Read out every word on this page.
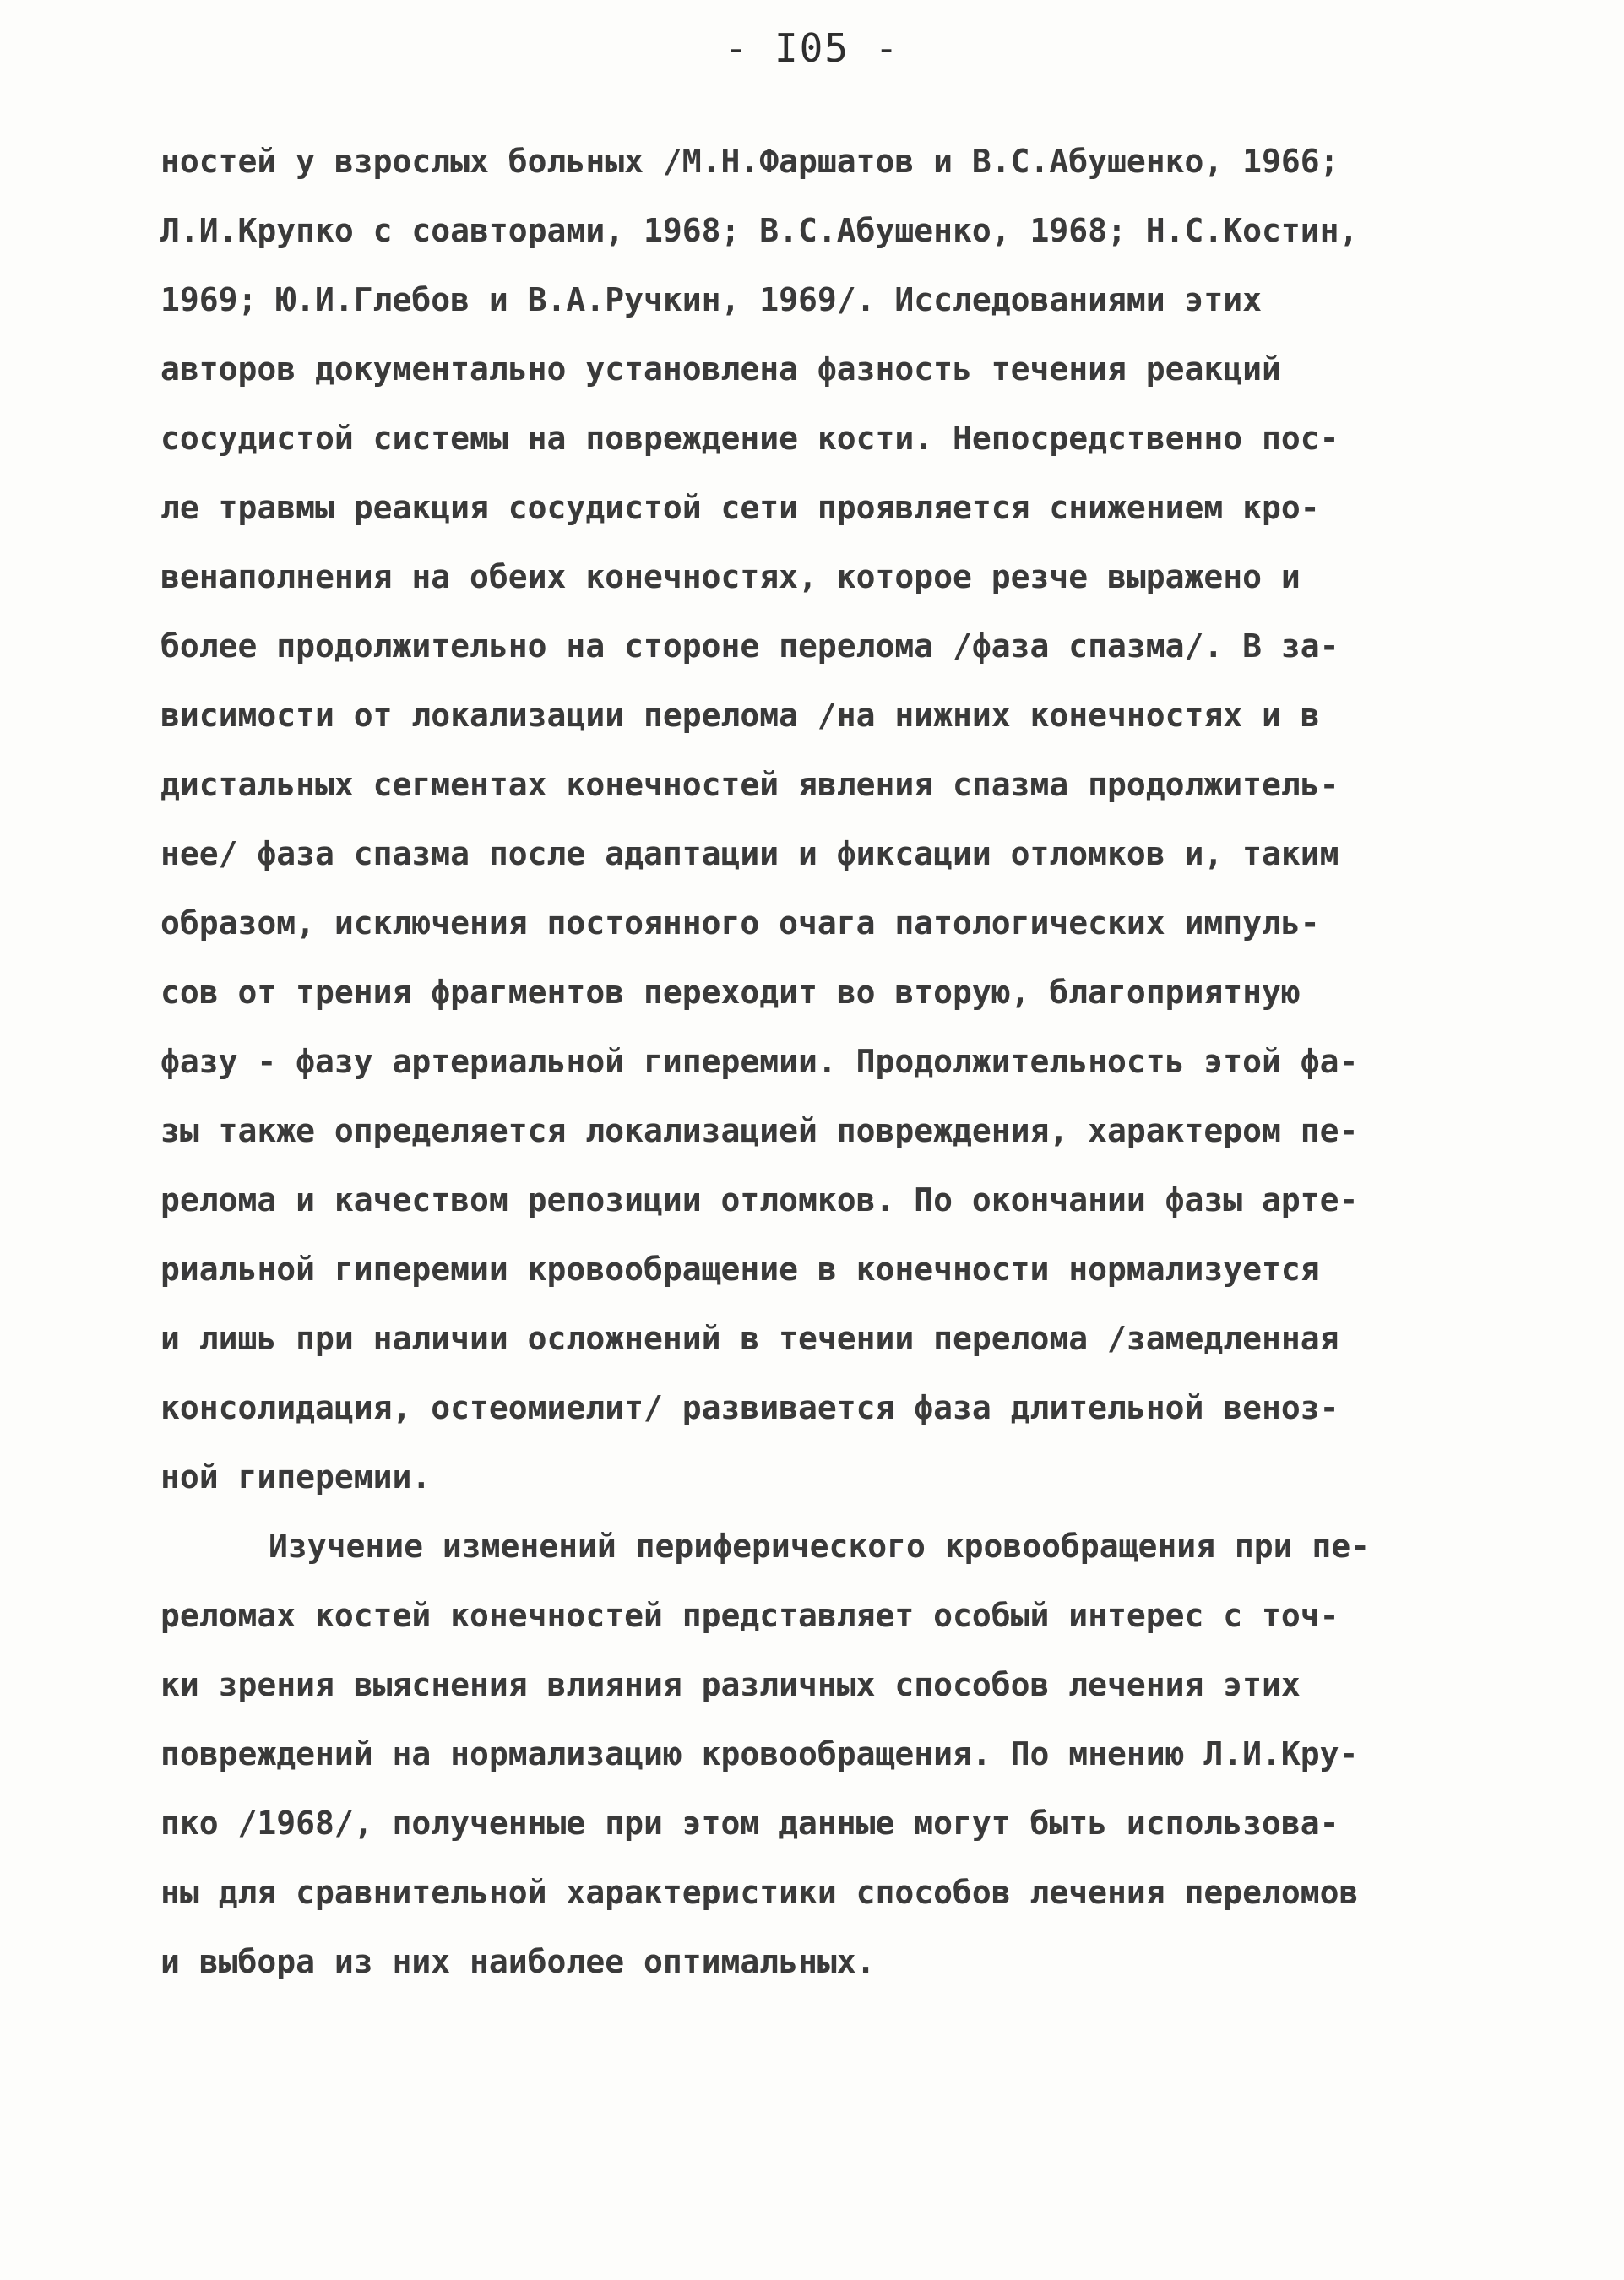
- I05 -
ностей у взрослых больных /М.Н.Фаршатов и В.С.Абушенко, 1966;
Л.И.Крупко с соавторами, 1968; В.С.Абушенко, 1968; Н.С.Костин,
1969; Ю.И.Глебов и В.А.Ручкин, 1969/. Исследованиями этих
авторов документально установлена фазность течения реакций
сосудистой системы на повреждение кости. Непосредственно пос-
ле травмы реакция сосудистой сети проявляется снижением кро-
венаполнения на обеих конечностях, которое резче выражено и
более продолжительно на стороне перелома /фаза спазма/. В за-
висимости от локализации перелома /на нижних конечностях и в
дистальных сегментах конечностей явления спазма продолжитель-
нее/ фаза спазма после адаптации и фиксации отломков и, таким
образом, исключения постоянного очага патологических импуль-
сов от трения фрагментов переходит во вторую, благоприятную
фазу - фазу артериальной гиперемии. Продолжительность этой фа-
зы также определяется локализацией повреждения, характером пе-
релома и качеством репозиции отломков. По окончании фазы арте-
риальной гиперемии кровообращение в конечности нормализуется
и лишь при наличии осложнений в течении перелома /замедленная
консолидация, остеомиелит/ развивается фаза длительной веноз-
ной гиперемии.
Изучение изменений периферического кровообращения при пе-
реломах костей конечностей представляет особый интерес с точ-
ки зрения выяснения влияния различных способов лечения этих
повреждений на нормализацию кровообращения. По мнению Л.И.Кру-
пко /1968/, полученные при этом данные могут быть использова-
ны для сравнительной характеристики способов лечения переломов
и выбора из них наиболее оптимальных.
